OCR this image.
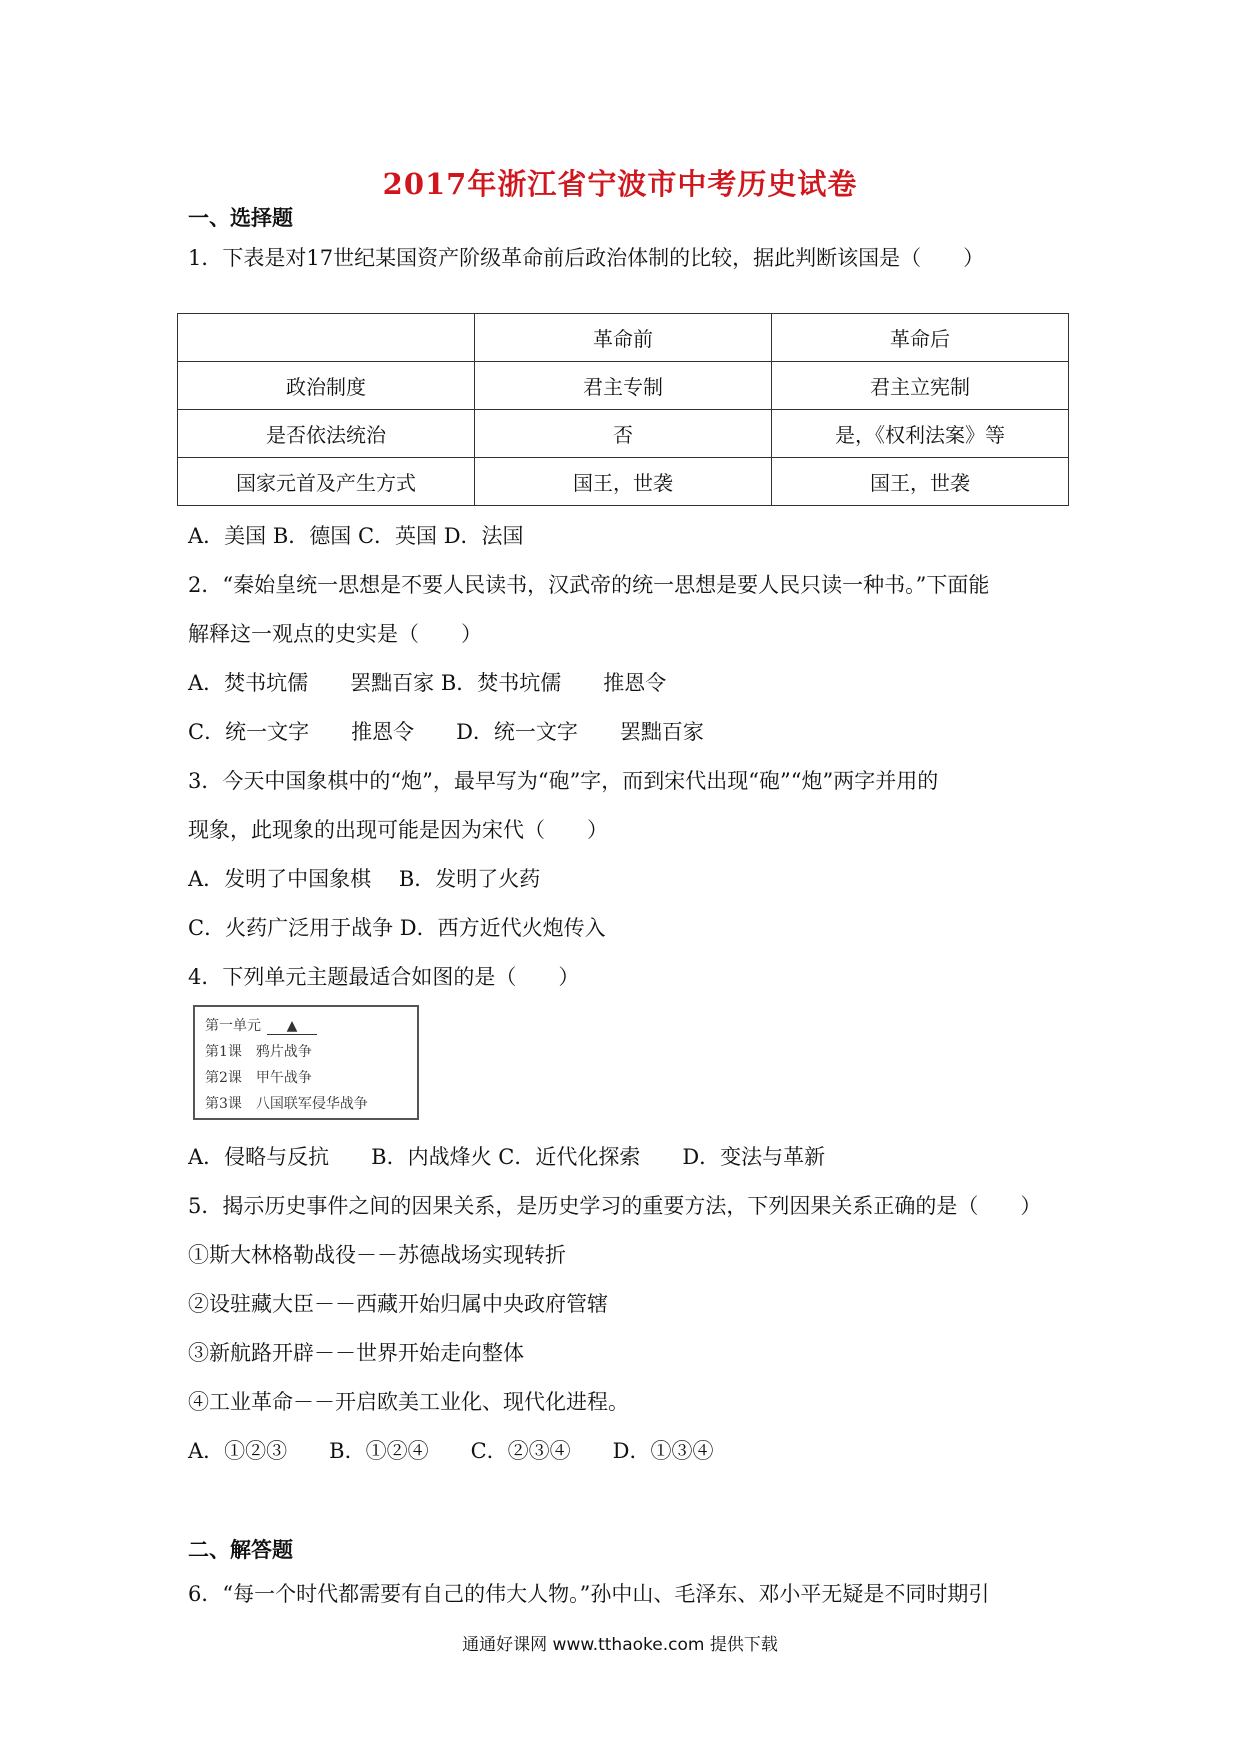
2017年浙江省宁波市中考历史试卷
一、选择题
1．下表是对17世纪某国资产阶级革命前后政治体制的比较，据此判断该国是（　　）
	革命前	革命后
政治制度	君主专制	君主立宪制
是否依法统治	否	是，《权利法案》等
国家元首及产生方式	国王，世袭	国王，世袭
A．美国 B．德国 C．英国 D．法国
2．“秦始皇统一思想是不要人民读书，汉武帝的统一思想是要人民只读一种书。”下面能
解释这一观点的史实是（　　）
A．焚书坑儒　　罢黜百家 B．焚书坑儒　　推恩令
C．统一文字　　推恩令　　D．统一文字　　罢黜百家
3．今天中国象棋中的“炮”，最早写为“砲”字，而到宋代出现“砲”“炮”两字并用的
现象，此现象的出现可能是因为宋代（　　）
A．发明了中国象棋　 B．发明了火药
C．火药广泛用于战争 D．西方近代火炮传入
4．下列单元主题最适合如图的是（　　）
第一单元 ▲
第1课　鸦片战争
第2课　甲午战争
第3课　八国联军侵华战争
A．侵略与反抗　　B．内战烽火 C．近代化探索　　D．变法与革新
5．揭示历史事件之间的因果关系，是历史学习的重要方法，下列因果关系正确的是（　　）
①斯大林格勒战役－－苏德战场实现转折
②设驻藏大臣－－西藏开始归属中央政府管辖
③新航路开辟－－世界开始走向整体
④工业革命－－开启欧美工业化、现代化进程。
A．①②③　　B．①②④　　C．②③④　　D．①③④
二、解答题
6．“每一个时代都需要有自己的伟大人物。”孙中山、毛泽东、邓小平无疑是不同时期引
通通好课网 www.tthaoke.com 提供下载
